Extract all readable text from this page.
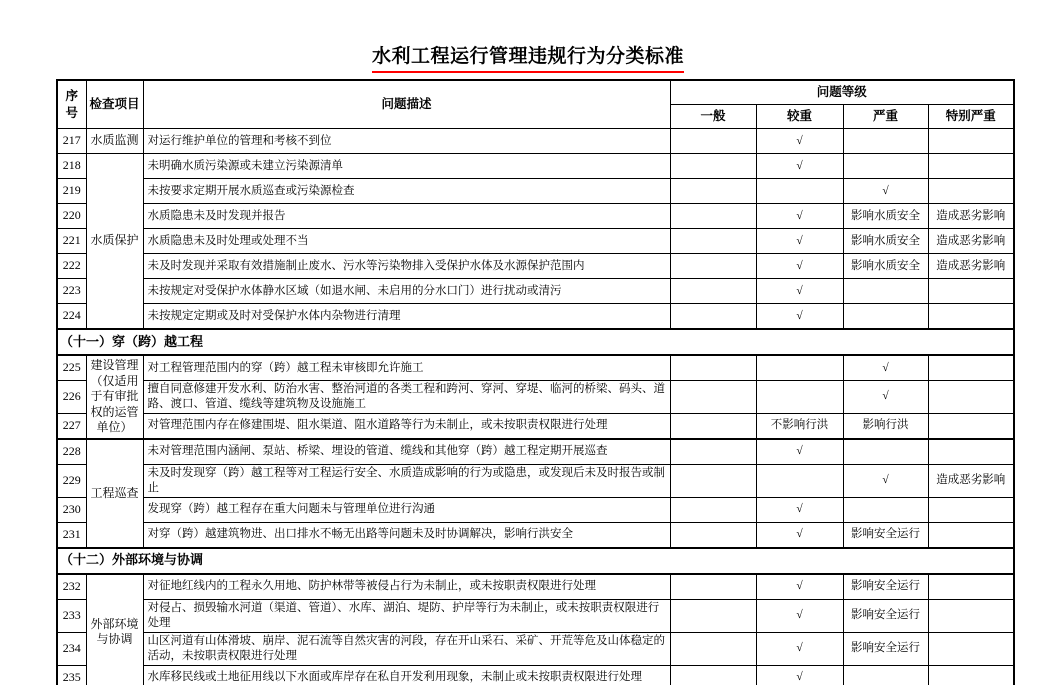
水利工程运行管理违规行为分类标准
序号	检查项目	问题描述	问题等级			
			一般	较重	严重	特别严重
217	水质监测	对运行维护单位的管理和考核不到位		√		
218	水质保护	未明确水质污染源或未建立污染源清单		√		
219		未按要求定期开展水质巡查或污染源检查			√	
220		水质隐患未及时发现并报告		√	影响水质安全	造成恶劣影响
221		水质隐患未及时处理或处理不当		√	影响水质安全	造成恶劣影响
222		未及时发现并采取有效措施制止废水、污水等污染物排入受保护水体及水源保护范围内		√	影响水质安全	造成恶劣影响
223		未按规定对受保护水体静水区域（如退水闸、未启用的分水口门）进行扰动或清污		√		
224		未按规定定期或及时对受保护水体内杂物进行清理		√		
（十一）穿（跨）越工程						
225	建设管理（仅适用于有审批权的运管单位）	对工程管理范围内的穿（跨）越工程未审核即允许施工			√	
226		擅自同意修建开发水利、防治水害、整治河道的各类工程和跨河、穿河、穿堤、临河的桥梁、码头、道路、渡口、管道、缆线等建筑物及设施施工			√	
227		对管理范围内存在修建围堤、阻水渠道、阻水道路等行为未制止，或未按职责权限进行处理		不影响行洪	影响行洪	
228	工程巡查	未对管理范围内涵闸、泵站、桥梁、埋设的管道、缆线和其他穿（跨）越工程定期开展巡查		√		
229		未及时发现穿（跨）越工程等对工程运行安全、水质造成影响的行为或隐患，或发现后未及时报告或制止			√	造成恶劣影响
230		发现穿（跨）越工程存在重大问题未与管理单位进行沟通		√		
231		对穿（跨）越建筑物进、出口排水不畅无出路等问题未及时协调解决，影响行洪安全		√	影响安全运行	
（十二）外部环境与协调						
232	外部环境与协调	对征地红线内的工程永久用地、防护林带等被侵占行为未制止，或未按职责权限进行处理		√	影响安全运行	
233		对侵占、损毁输水河道（渠道、管道）、水库、湖泊、堤防、护岸等行为未制止，或未按职责权限进行处理		√	影响安全运行	
234		山区河道有山体滑坡、崩岸、泥石流等自然灾害的河段，存在开山采石、采矿、开荒等危及山体稳定的活动，未按职责权限进行处理		√	影响安全运行	
235		水库移民线或土地征用线以下水面或库岸存在私自开发利用现象，未制止或未按职责权限进行处理		√		
